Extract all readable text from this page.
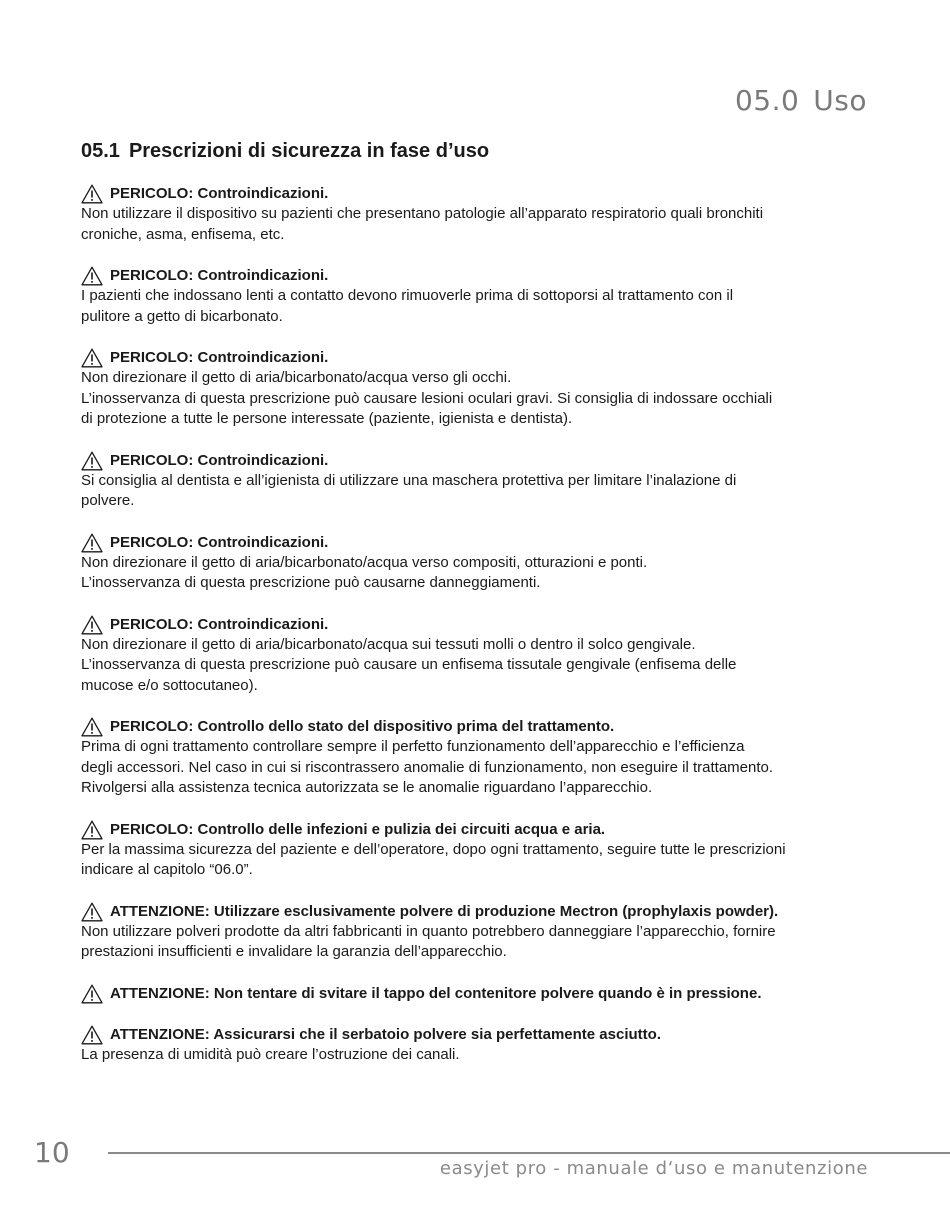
05.0 Uso
05.1 Prescrizioni di sicurezza in fase d’uso
PERICOLO: Controindicazioni.
Non utilizzare il dispositivo su pazienti che presentano patologie all’apparato respiratorio quali bronchiti
croniche, asma, enfisema, etc.
PERICOLO: Controindicazioni.
I pazienti che indossano lenti a contatto devono rimuoverle prima di sottoporsi al trattamento con il
pulitore a getto di bicarbonato.
PERICOLO: Controindicazioni.
Non direzionare il getto di aria/bicarbonato/acqua verso gli occhi.
L’inosservanza di questa prescrizione può causare lesioni oculari gravi. Si consiglia di indossare occhiali
di protezione a tutte le persone interessate (paziente, igienista e dentista).
PERICOLO: Controindicazioni.
Si consiglia al dentista e all’igienista di utilizzare una maschera protettiva per limitare l’inalazione di
polvere.
PERICOLO: Controindicazioni.
Non direzionare il getto di aria/bicarbonato/acqua verso compositi, otturazioni e ponti.
L’inosservanza di questa prescrizione può causarne danneggiamenti.
PERICOLO: Controindicazioni.
Non direzionare il getto di aria/bicarbonato/acqua sui tessuti molli o dentro il solco gengivale.
L’inosservanza di questa prescrizione può causare un enfisema tissutale gengivale (enfisema delle
mucose e/o sottocutaneo).
PERICOLO: Controllo dello stato del dispositivo prima del trattamento.
Prima di ogni trattamento controllare sempre il perfetto funzionamento dell’apparecchio e l’efficienza
degli accessori. Nel caso in cui si riscontrassero anomalie di funzionamento, non eseguire il trattamento.
Rivolgersi alla assistenza tecnica autorizzata se le anomalie riguardano l’apparecchio.
PERICOLO: Controllo delle infezioni e pulizia dei circuiti acqua e aria.
Per la massima sicurezza del paziente e dell’operatore, dopo ogni trattamento, seguire tutte le prescrizioni
indicare al capitolo “06.0”.
ATTENZIONE: Utilizzare esclusivamente polvere di produzione Mectron (prophylaxis powder).
Non utilizzare polveri prodotte da altri fabbricanti in quanto potrebbero danneggiare l’apparecchio, fornire
prestazioni insufficienti e invalidare la garanzia dell’apparecchio.
ATTENZIONE: Non tentare di svitare il tappo del contenitore polvere quando è in pressione.
ATTENZIONE: Assicurarsi che il serbatoio polvere sia perfettamente asciutto.
La presenza di umidità può creare l’ostruzione dei canali.
10	easyjet pro - manuale d‘uso e manutenzione
